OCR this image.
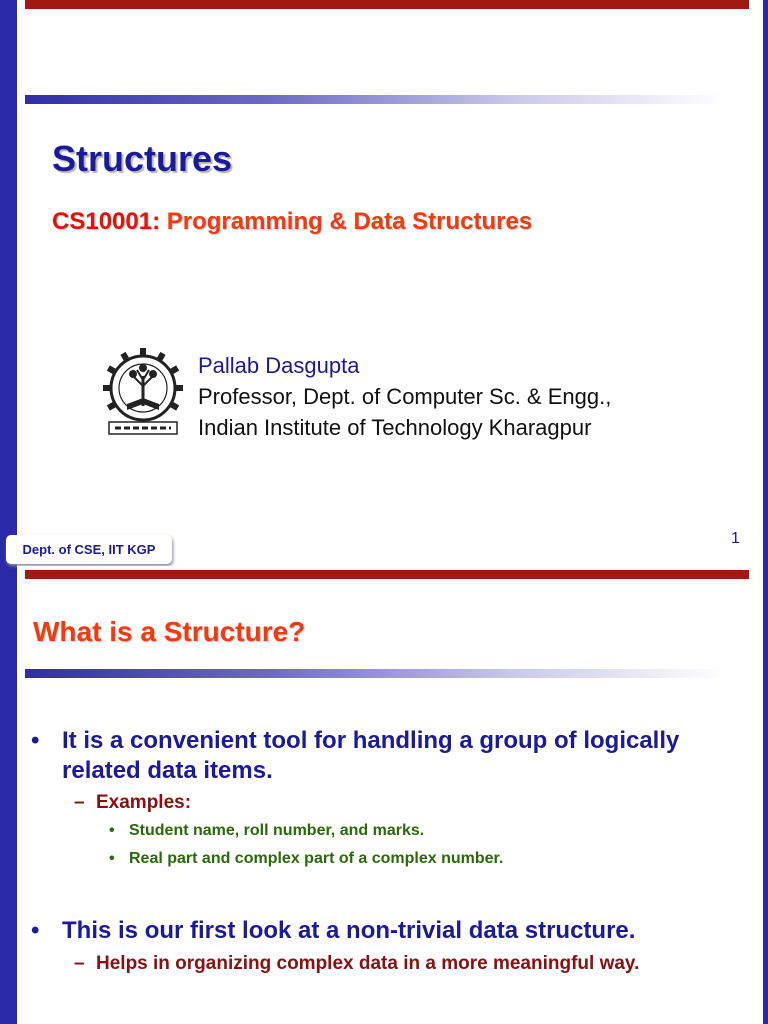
Structures
CS10001: Programming & Data Structures
Pallab Dasgupta
Professor, Dept. of Computer Sc. & Engg.,
Indian Institute of Technology Kharagpur
Dept. of CSE, IIT KGP
1
What is a Structure?
• It is a convenient tool for handling a group of logically related data items.
– Examples:
• Student name, roll number, and marks.
• Real part and complex part of a complex number.
• This is our first look at a non-trivial data structure.
– Helps in organizing complex data in a more meaningful way.
